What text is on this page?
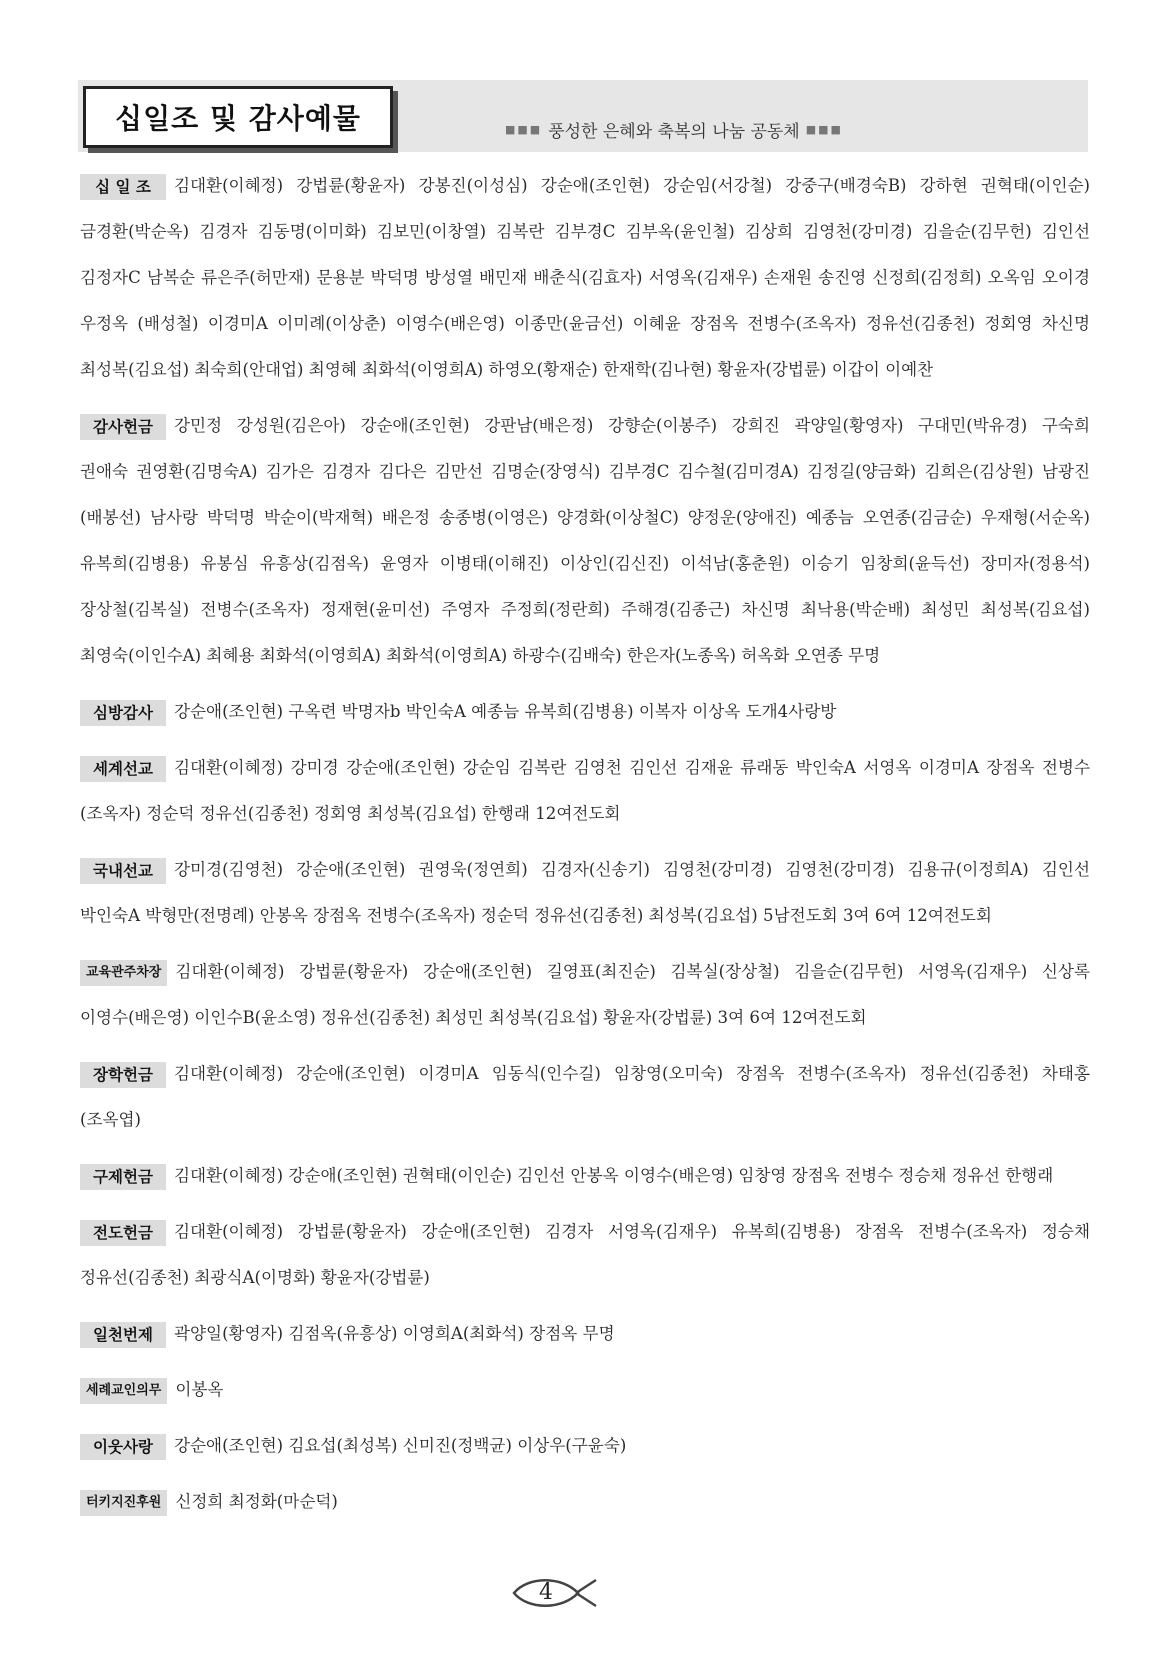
십일조 및 감사예물	■■■ 풍성한 은혜와 축복의 나눔 공동체 ■■■
십 일 조 김대환(이혜정) 강법륜(황윤자) 강봉진(이성심) 강순애(조인현) 강순임(서강철) 강중구(배경숙B) 강하현 권혁태(이인순)
금경환(박순옥) 김경자 김동명(이미화) 김보민(이창열) 김복란 김부경C 김부옥(윤인철) 김상희 김영천(강미경) 김을순(김무헌) 김인선
김정자C 남복순 류은주(허만재) 문용분 박덕명 방성열 배민재 배춘식(김효자) 서영옥(김재우) 손재원 송진영 신정희(김정희) 오옥임 오이경
우정옥 (배성철) 이경미A 이미례(이상춘) 이영수(배은영) 이종만(윤금선) 이혜윤 장점옥 전병수(조옥자) 정유선(김종천) 정회영 차신명
최성복(김요섭) 최숙희(안대업) 최영혜 최화석(이영희A) 하영오(황재순) 한재학(김나현) 황윤자(강법륜) 이갑이 이예찬
감사헌금 강민정 강성원(김은아) 강순애(조인현) 강판남(배은정) 강향순(이봉주) 강희진 곽양일(황영자) 구대민(박유경) 구숙희
권애숙 권영환(김명숙A) 김가은 김경자 김다은 김만선 김명순(장영식) 김부경C 김수철(김미경A) 김정길(양금화) 김희은(김상원) 남광진
(배봉선) 남사랑 박덕명 박순이(박재혁) 배은정 송종병(이영은) 양경화(이상철C) 양정운(양애진) 예종늠 오연종(김금순) 우재형(서순옥)
유복희(김병용) 유봉심 유흥상(김점옥) 윤영자 이병태(이해진) 이상인(김신진) 이석남(홍춘원) 이승기 임창희(윤득선) 장미자(정용석)
장상철(김복실) 전병수(조옥자) 정재현(윤미선) 주영자 주정희(정란희) 주해경(김종근) 차신명 최낙용(박순배) 최성민 최성복(김요섭)
최영숙(이인수A) 최혜용 최화석(이영희A) 최화석(이영희A) 하광수(김배숙) 한은자(노종옥) 허옥화 오연종 무명
심방감사 강순애(조인현) 구옥련 박명자b 박인숙A 예종늠 유복희(김병용) 이복자 이상옥 도개4사랑방
세계선교 김대환(이혜정) 강미경 강순애(조인현) 강순임 김복란 김영천 김인선 김재윤 류래동 박인숙A 서영옥 이경미A 장점옥 전병수
(조옥자) 정순덕 정유선(김종천) 정회영 최성복(김요섭) 한행래 12여전도회
국내선교 강미경(김영천) 강순애(조인현) 권영욱(정연희) 김경자(신송기) 김영천(강미경) 김영천(강미경) 김용규(이정희A) 김인선
박인숙A 박형만(전명례) 안봉옥 장점옥 전병수(조옥자) 정순덕 정유선(김종천) 최성복(김요섭) 5남전도회 3여 6여 12여전도회
교육관주차장 김대환(이혜정) 강법륜(황윤자) 강순애(조인현) 길영표(최진순) 김복실(장상철) 김을순(김무헌) 서영옥(김재우) 신상록
이영수(배은영) 이인수B(윤소영) 정유선(김종천) 최성민 최성복(김요섭) 황윤자(강법륜) 3여 6여 12여전도회
장학헌금 김대환(이혜정) 강순애(조인현) 이경미A 임동식(인수길) 임창영(오미숙) 장점옥 전병수(조옥자) 정유선(김종천) 차태홍
(조옥엽)
구제헌금 김대환(이혜정) 강순애(조인현) 권혁태(이인순) 김인선 안봉옥 이영수(배은영) 임창영 장점옥 전병수 정승채 정유선 한행래
전도헌금 김대환(이혜정) 강법륜(황윤자) 강순애(조인현) 김경자 서영옥(김재우) 유복희(김병용) 장점옥 전병수(조옥자) 정승채
정유선(김종천) 최광식A(이명화) 황윤자(강법륜)
일천번제 곽양일(황영자) 김점옥(유흥상) 이영희A(최화석) 장점옥 무명
세례교인의무 이봉옥
이웃사랑 강순애(조인현) 김요섭(최성복) 신미진(정백균) 이상우(구윤숙)
터키지진후원 신정희 최정화(마순덕)
4
